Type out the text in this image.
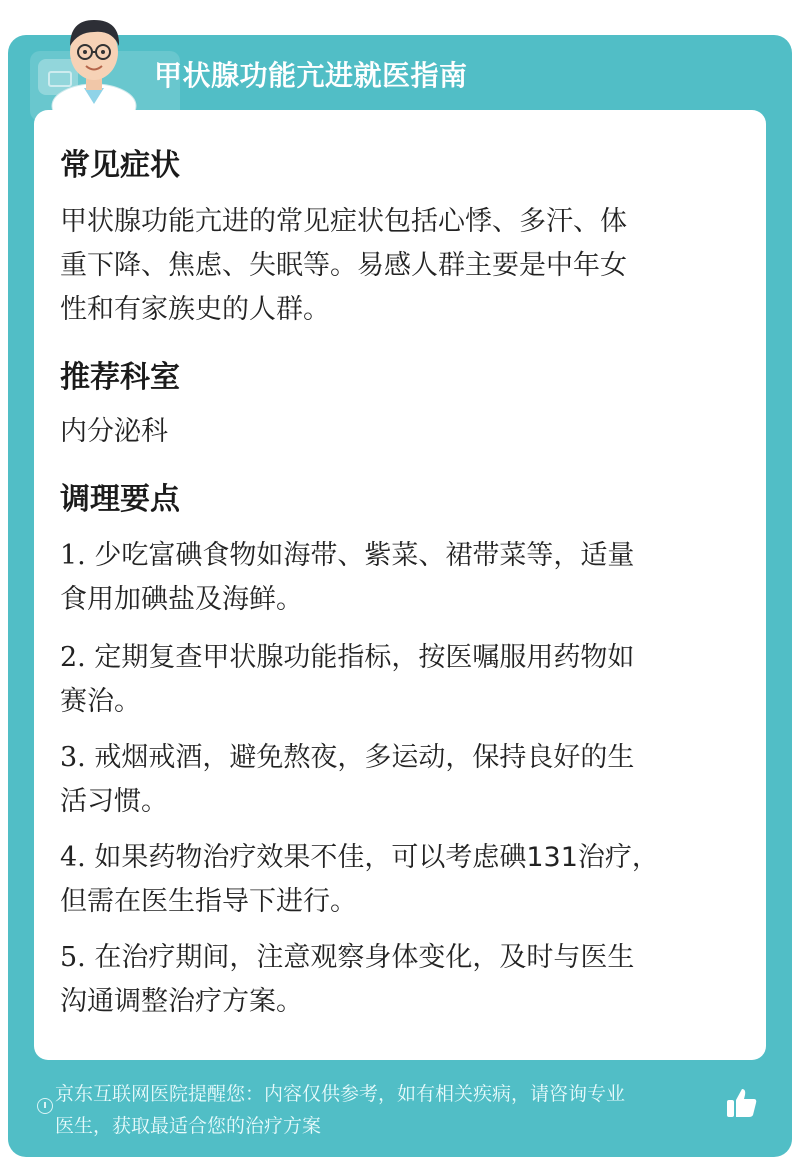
甲状腺功能亢进就医指南
常见症状
甲状腺功能亢进的常见症状包括心悸、多汗、体
重下降、焦虑、失眠等。易感人群主要是中年女
性和有家族史的人群。
推荐科室
内分泌科
调理要点
1. 少吃富碘食物如海带、紫菜、裙带菜等，适量
食用加碘盐及海鲜。
2. 定期复查甲状腺功能指标，按医嘱服用药物如
赛治。
3. 戒烟戒酒，避免熬夜，多运动，保持良好的生
活习惯。
4. 如果药物治疗效果不佳，可以考虑碘131治疗，
但需在医生指导下进行。
5. 在治疗期间，注意观察身体变化，及时与医生
沟通调整治疗方案。
京东互联网医院提醒您：内容仅供参考，如有相关疾病，请咨询专业
医生，获取最适合您的治疗方案
